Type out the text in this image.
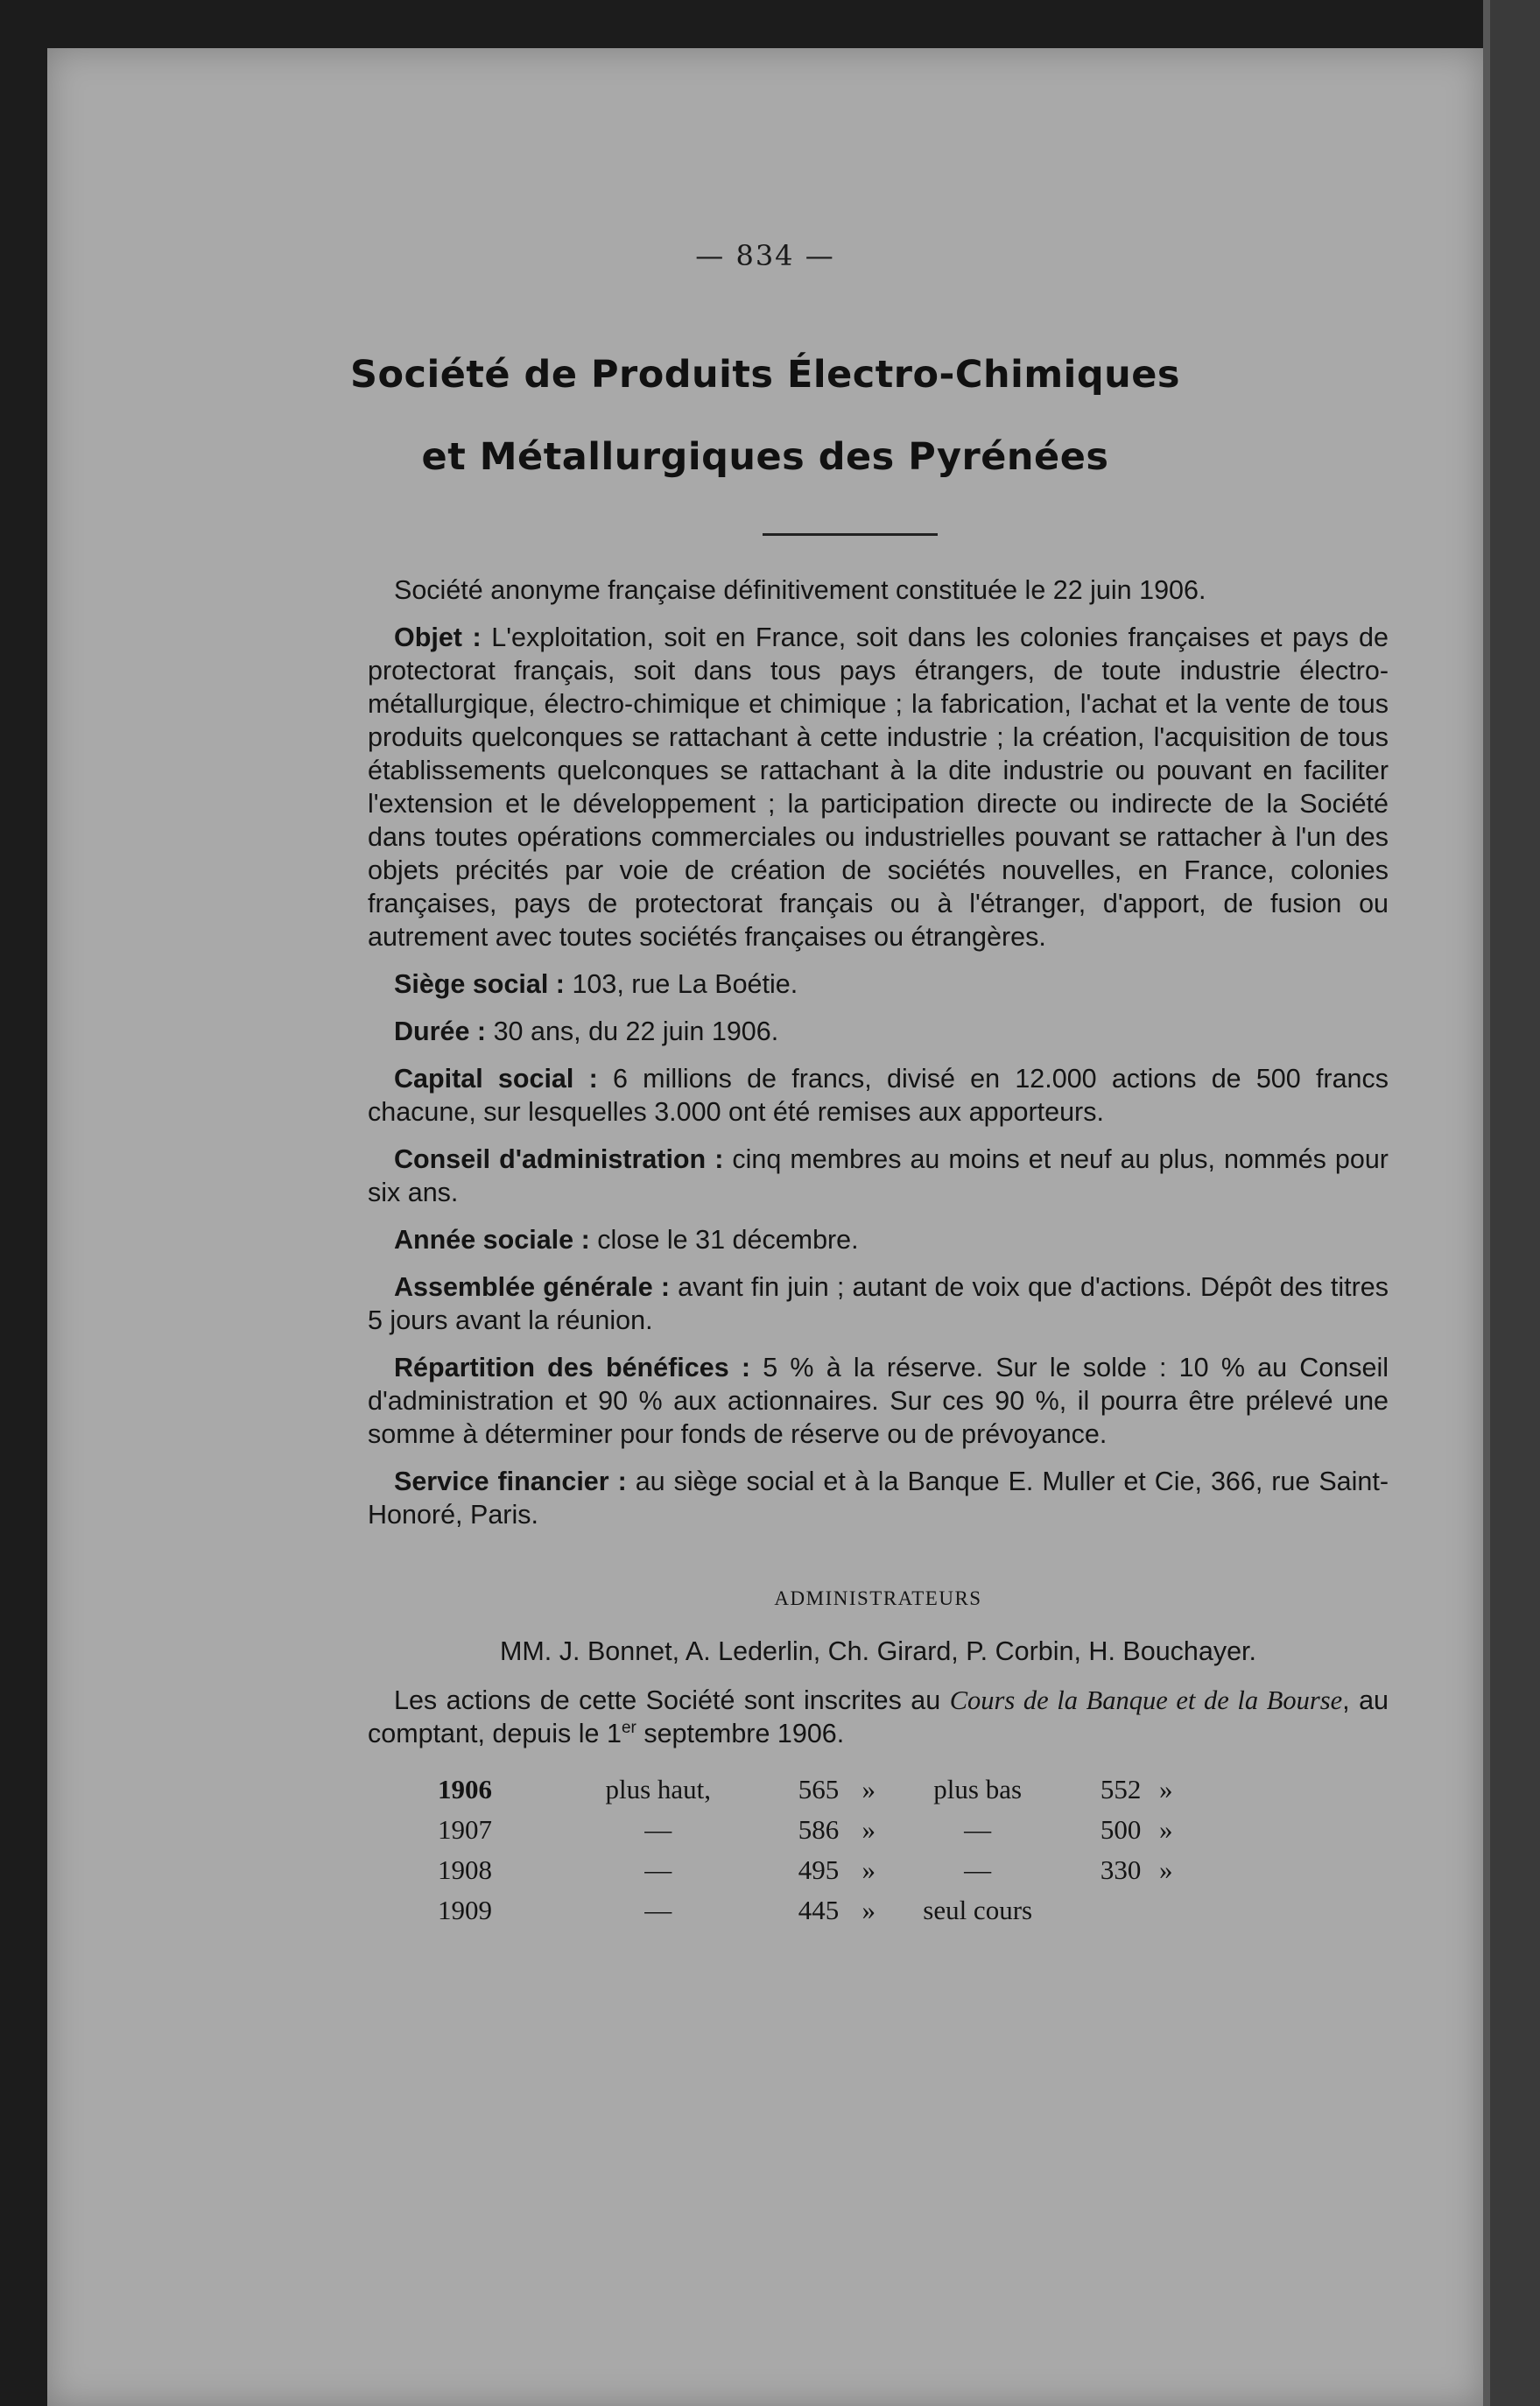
— 834 —
Société de Produits Électro-Chimiques
et Métallurgiques des Pyrénées

Société anonyme française définitivement constituée le 22 juin 1906.

Objet : L'exploitation, soit en France, soit dans les colonies françaises et pays de protectorat français, soit dans tous pays étrangers, de toute industrie électro-métallurgique, électro-chimique et chimique ; la fabrication, l'achat et la vente de tous produits quelconques se rattachant à cette industrie ; la création, l'acquisition de tous établissements quelconques se rattachant à la dite industrie ou pouvant en faciliter l'extension et le développement ; la participation directe ou indirecte de la Société dans toutes opérations commerciales ou industrielles pouvant se rattacher à l'un des objets précités par voie de création de sociétés nouvelles, en France, colonies françaises, pays de protectorat français ou à l'étranger, d'apport, de fusion ou autrement avec toutes sociétés françaises ou étrangères.

Siège social : 103, rue La Boétie.

Durée : 30 ans, du 22 juin 1906.

Capital social : 6 millions de francs, divisé en 12.000 actions de 500 francs chacune, sur lesquelles 3.000 ont été remises aux apporteurs.

Conseil d'administration : cinq membres au moins et neuf au plus, nommés pour six ans.

Année sociale : close le 31 décembre.

Assemblée générale : avant fin juin ; autant de voix que d'actions. Dépôt des titres 5 jours avant la réunion.

Répartition des bénéfices : 5 % à la réserve. Sur le solde : 10 % au Conseil d'administration et 90 % aux actionnaires. Sur ces 90 %, il pourra être prélevé une somme à déterminer pour fonds de réserve ou de prévoyance.

Service financier : au siège social et à la Banque E. Muller et Cie, 366, rue Saint-Honoré, Paris.

ADMINISTRATEURS

MM. J. Bonnet, A. Lederlin, Ch. Girard, P. Corbin, H. Bouchayer.

Les actions de cette Société sont inscrites au Cours de la Banque et de la Bourse, au comptant, depuis le 1er septembre 1906.

1906	plus haut,	565	»	plus bas	552	»
1907	—	586	»	—	500	»
1908	—	495	»	—	330	»
1909	—	445	»	seul cours		
